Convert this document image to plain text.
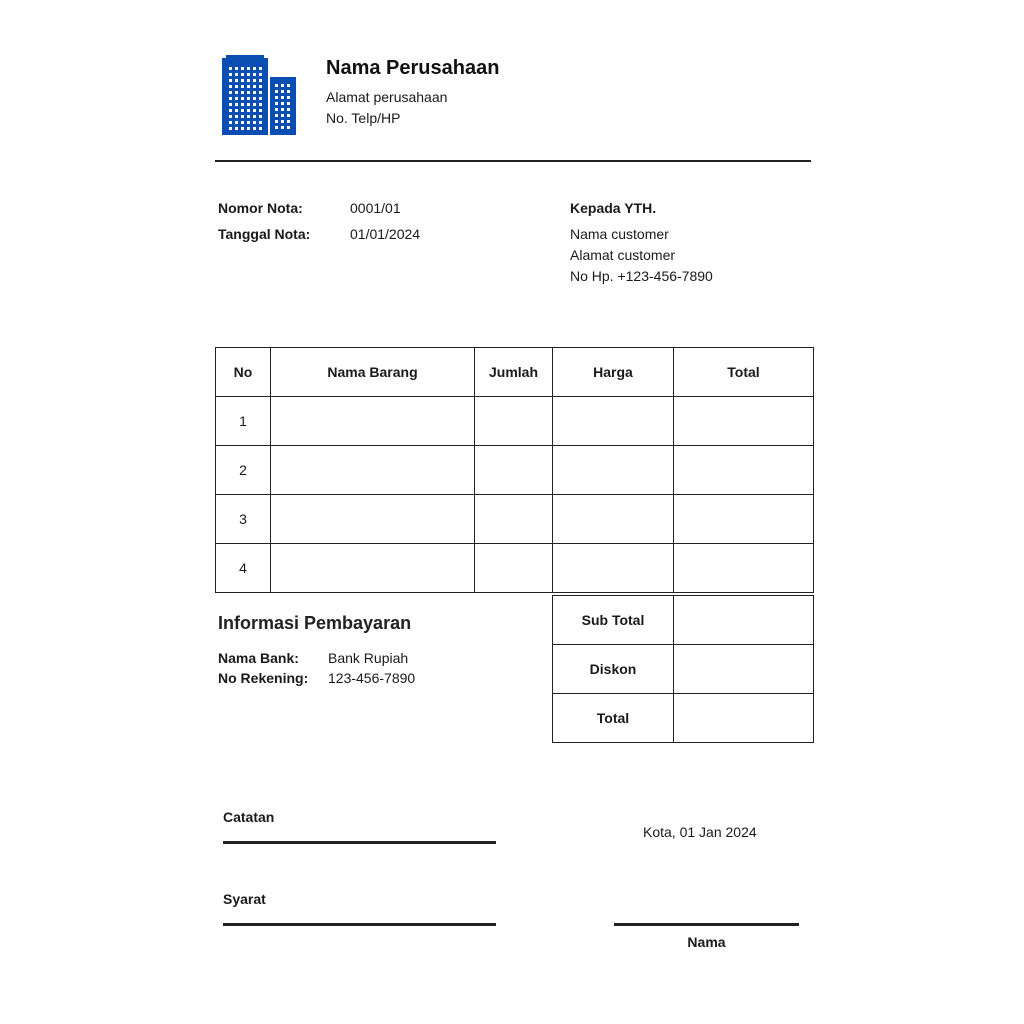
Nama Perusahaan
Alamat perusahaan
No. Telp/HP
Nomor Nota:	0001/01
Tanggal Nota:	01/01/2024
Kepada YTH.
Nama customer
Alamat customer
No Hp. +123-456-7890
No	Nama Barang	Jumlah	Harga	Total
1				
2				
3				
4				
Informasi Pembayaran
Nama Bank: Bank Rupiah
No Rekening: 123-456-7890
Sub Total	
Diskon	
Total	
Catatan
Syarat
Kota, 01 Jan 2024
Nama
